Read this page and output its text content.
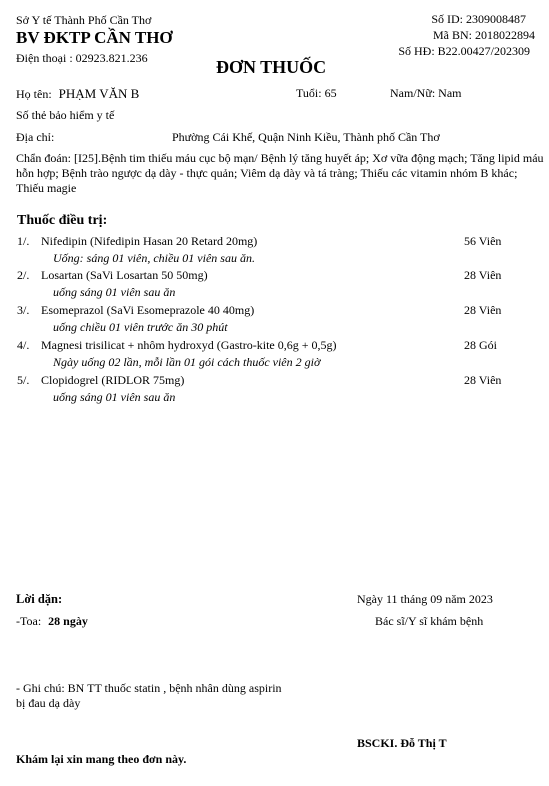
Sở Y tế Thành Phố Cần Thơ
BV ĐKTP CẦN THƠ
Điện thoại : 02923.821.236
Số ID: 2309008487
Mã BN: 2018022894
Số HĐ: B22.00427/202309
ĐƠN THUỐC
Họ tên: PHẠM VĂN B	Tuổi: 65	Nam/Nữ: Nam
Số thẻ bảo hiểm y tế
Địa chỉ:	Phường Cái Khế, Quận Ninh Kiều, Thành phố Cần Thơ
Chẩn đoán: [I25].Bệnh tim thiếu máu cục bộ mạn/ Bệnh lý tăng huyết áp; Xơ vữa động mạch; Tăng lipid máu hỗn hợp; Bệnh trào ngược dạ dày - thực quản; Viêm dạ dày và tá tràng; Thiếu các vitamin nhóm B khác; Thiếu magie
Thuốc điều trị:
1/. Nifedipin (Nifedipin Hasan 20 Retard 20mg)	56 Viên
Uống: sáng 01 viên, chiều 01 viên sau ăn.
2/. Losartan (SaVi Losartan 50 50mg)	28 Viên
uống sáng 01 viên sau ăn
3/. Esomeprazol (SaVi Esomeprazole 40 40mg)	28 Viên
uống chiều 01 viên trước ăn 30 phút
4/. Magnesi trisilicat + nhôm hydroxyd (Gastro-kite 0,6g + 0,5g)	28 Gói
Ngày uống 02 lần, mỗi lần 01 gói cách thuốc viên 2 giờ
5/. Clopidogrel (RIDLOR 75mg)	28 Viên
uống sáng 01 viên sau ăn
Lời dặn:
-Toa: 28 ngày
Ngày 11 tháng 09 năm 2023
Bác sĩ/Y sĩ khám bệnh
- Ghi chú: BN TT thuốc statin , bệnh nhân dùng aspirin bị đau dạ dày
BSCKI. Đỗ Thị T
Khám lại xin mang theo đơn này.
